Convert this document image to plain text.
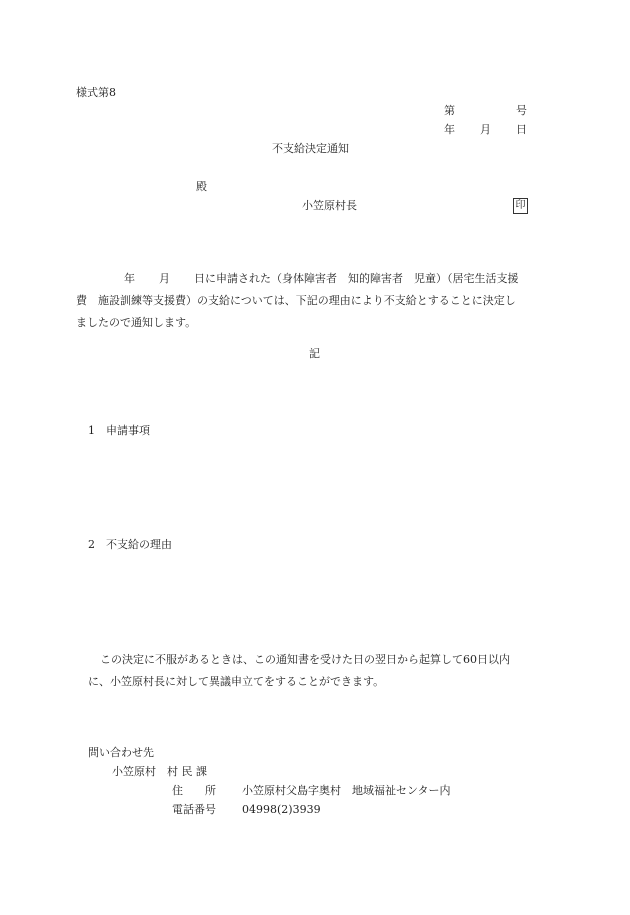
様式第8
第	号
年 月 日
不支給決定通知
殿
小笠原村長	印
年 月 日に申請された（身体障害者　知的障害者　児童）（居宅生活支援
費　施設訓練等支援費）の支給については、下記の理由により不支給とすることに決定し
ましたので通知します。
記
1　申請事項
2　不支給の理由
この決定に不服があるときは、この通知書を受けた日の翌日から起算して60日以内
に、小笠原村長に対して異議申立てをすることができます。
問い合わせ先
小笠原村　村 民 課
住　　所 小笠原村父島字奥村　地域福祉センター内
電話番号 04998(2)3939
